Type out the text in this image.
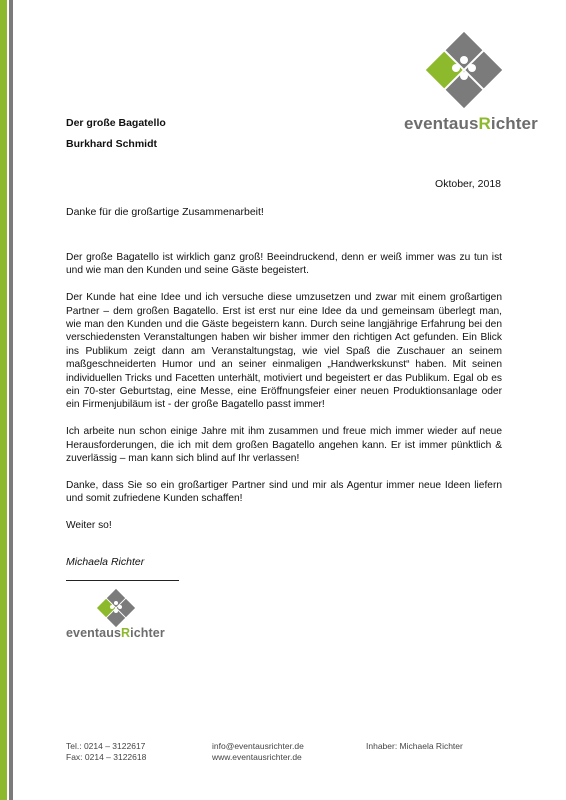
eventausRichter
Der große Bagatello
Burkhard Schmidt
Oktober, 2018
Danke für die großartige Zusammenarbeit!

Der große Bagatello ist wirklich ganz groß! Beeindruckend, denn er weiß immer was zu tun ist und wie man den Kunden und seine Gäste begeistert.

Der Kunde hat eine Idee und ich versuche diese umzusetzen und zwar mit einem großartigen Partner – dem großen Bagatello. Erst ist erst nur eine Idee da und gemeinsam überlegt man, wie man den Kunden und die Gäste begeistern kann. Durch seine langjährige Erfahrung bei den verschiedensten Veranstaltungen haben wir bisher immer den richtigen Act gefunden. Ein Blick ins Publikum zeigt dann am Veranstaltungstag, wie viel Spaß die Zuschauer an seinem maßgeschneiderten Humor und an seiner einmaligen „Handwerkskunst“ haben. Mit seinen individuellen Tricks und Facetten unterhält, motiviert und begeistert er das Publikum. Egal ob es ein 70-ster Geburtstag, eine Messe, eine Eröffnungsfeier einer neuen Produktionsanlage oder ein Firmenjubiläum ist - der große Bagatello passt immer!

Ich arbeite nun schon einige Jahre mit ihm zusammen und freue mich immer wieder auf neue Herausforderungen, die ich mit dem großen Bagatello angehen kann. Er ist immer pünktlich & zuverlässig – man kann sich blind auf Ihr verlassen!

Danke, dass Sie so ein großartiger Partner sind und mir als Agentur immer neue Ideen liefern und somit zufriedene Kunden schaffen!

Weiter so!

Michaela Richter
eventausRichter
Tel.: 0214 – 3122617
Fax: 0214 – 3122618
info@eventausrichter.de
www.eventausrichter.de
Inhaber: Michaela Richter
